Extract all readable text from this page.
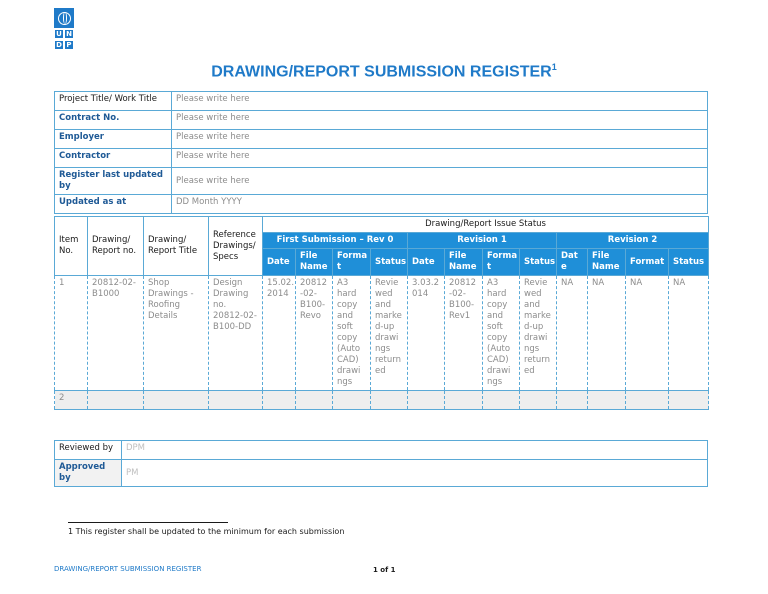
U N
D P
DRAWING/REPORT SUBMISSION REGISTER$^1$
Project Title/ Work Title	Please write here
Contract No.	Please write here
Employer	Please write here
Contractor	Please write here
Register last updated by	Please write here
Updated as at	DD Month YYYY
Item No.	Drawing/ Report no.	Drawing/ Report Title	Reference Drawings/ Specs	Drawing/Report Issue Status											
				First Submission – Rev 0				Revision 1				Revision 2			
				Date	File Name	Forma t	Status	Date	File Name	Forma t	Status	Dat e	File Name	Format	Status
1	20812-02-B1000	Shop Drawings - Roofing Details	Design Drawing no. 20812-02-B100-DD	15.02. 2014	20812 -02- B100- Revo	A3 hard copy and soft copy (Auto CAD) drawi ngs	Revie wed and marke d-up drawi ngs return ed	3.03.2 014	20812 -02- B100- Rev1	A3 hard copy and soft copy (Auto CAD) drawi ngs	Revie wed and marke d-up drawi ngs return ed	NA	NA	NA	NA
2															
Reviewed by	DPM
Approved by	PM
1 This register shall be updated to the minimum for each submission
DRAWING/REPORT SUBMISSION REGISTER	1 of 1
